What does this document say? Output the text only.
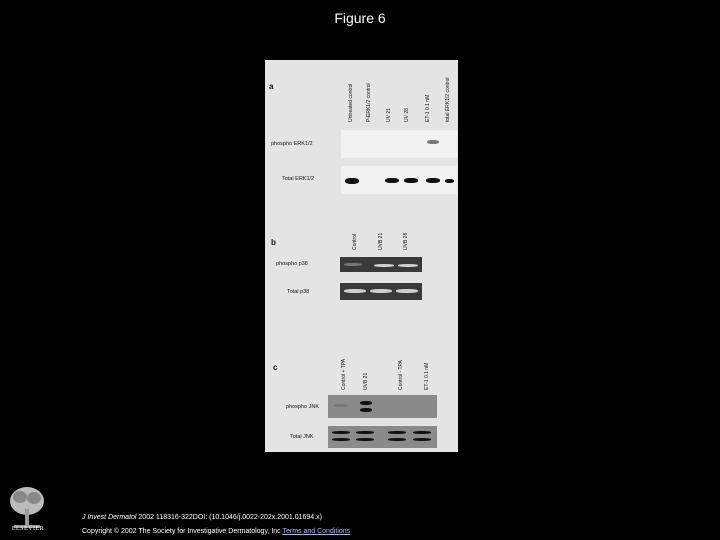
Figure 6
a	Untreated control P-ERK1/2 control	UV 21 UV 28	ET-1 0.1 nM	total ERK1/2 control
phospho ERK1/2
Total ERK1/2
b	Control	UVB 21	UVB 28
phospho p38
Total p38
c	Control + TPA	UVB 21	Control - TPA	ET-1 0.1 nM
phospho JNK
Total JNK
ELSEVIER
J Invest Dermatol 2002 118316-322DOI: (10.1046/j.0022-202x.2001.01694.x)
Copyright © 2002 The Society for Investigative Dermatology, Inc Terms and Conditions
